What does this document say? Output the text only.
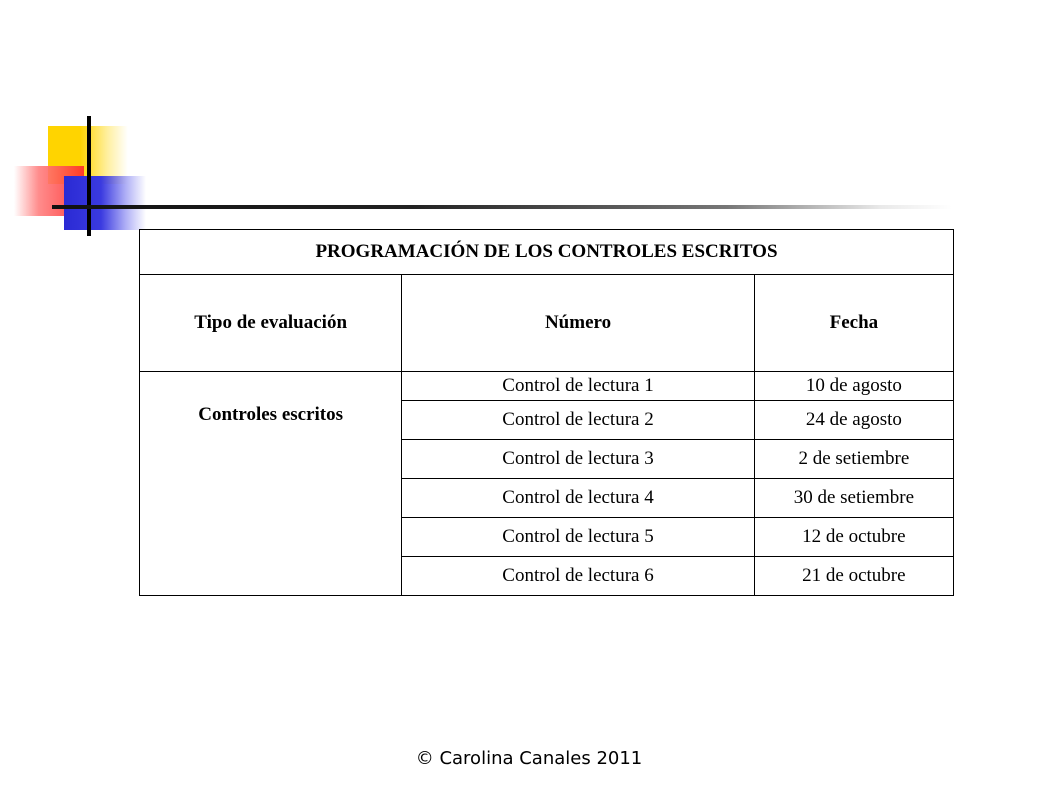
PROGRAMACIÓN DE LOS CONTROLES ESCRITOS		
Tipo de evaluación	Número	Fecha
Controles escritos	Control de lectura 1	10 de agosto
	Control de lectura 2	24 de agosto
	Control de lectura 3	2 de setiembre
	Control de lectura 4	30 de setiembre
	Control de lectura 5	12 de octubre
	Control de lectura 6	21 de octubre
© Carolina Canales 2011
